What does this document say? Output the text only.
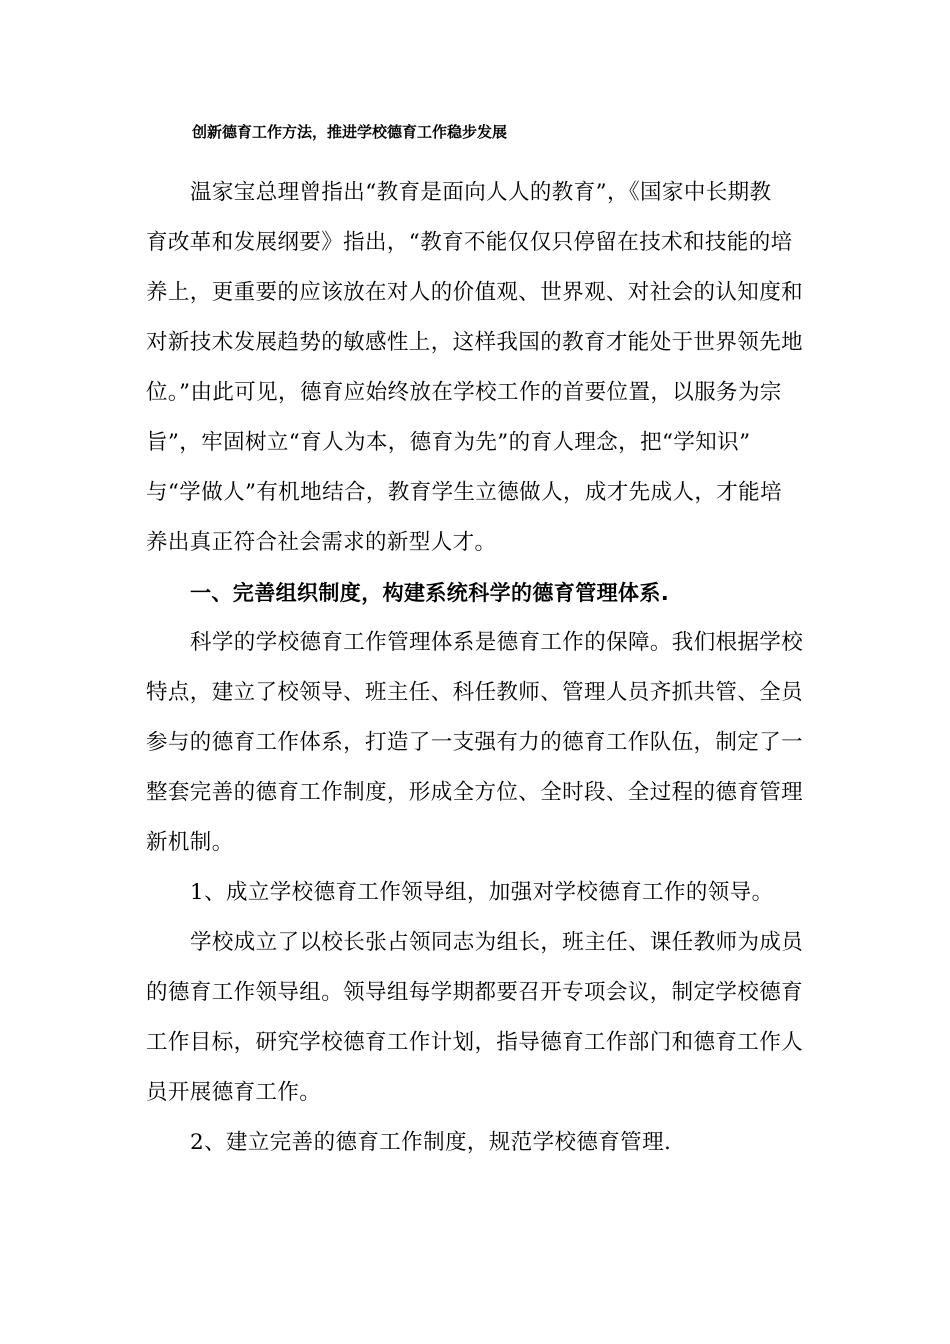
创新德育工作方法，推进学校德育工作稳步发展
温家宝总理曾指出“教育是面向人人的教育”，《国家中长期教
育改革和发展纲要》指出，“教育不能仅仅只停留在技术和技能的培
养上，更重要的应该放在对人的价值观、世界观、对社会的认知度和
对新技术发展趋势的敏感性上，这样我国的教育才能处于世界领先地
位。”由此可见，德育应始终放在学校工作的首要位置，以服务为宗
旨”，牢固树立“育人为本，德育为先”的育人理念，把“学知识”
与“学做人”有机地结合，教育学生立德做人，成才先成人，才能培
养出真正符合社会需求的新型人才。
一、完善组织制度，构建系统科学的德育管理体系.
科学的学校德育工作管理体系是德育工作的保障。我们根据学校
特点，建立了校领导、班主任、科任教师、管理人员齐抓共管、全员
参与的德育工作体系，打造了一支强有力的德育工作队伍，制定了一
整套完善的德育工作制度，形成全方位、全时段、全过程的德育管理
新机制。
1、成立学校德育工作领导组，加强对学校德育工作的领导。
学校成立了以校长张占领同志为组长，班主任、课任教师为成员
的德育工作领导组。领导组每学期都要召开专项会议，制定学校德育
工作目标，研究学校德育工作计划，指导德育工作部门和德育工作人
员开展德育工作。
2、建立完善的德育工作制度，规范学校德育管理.
